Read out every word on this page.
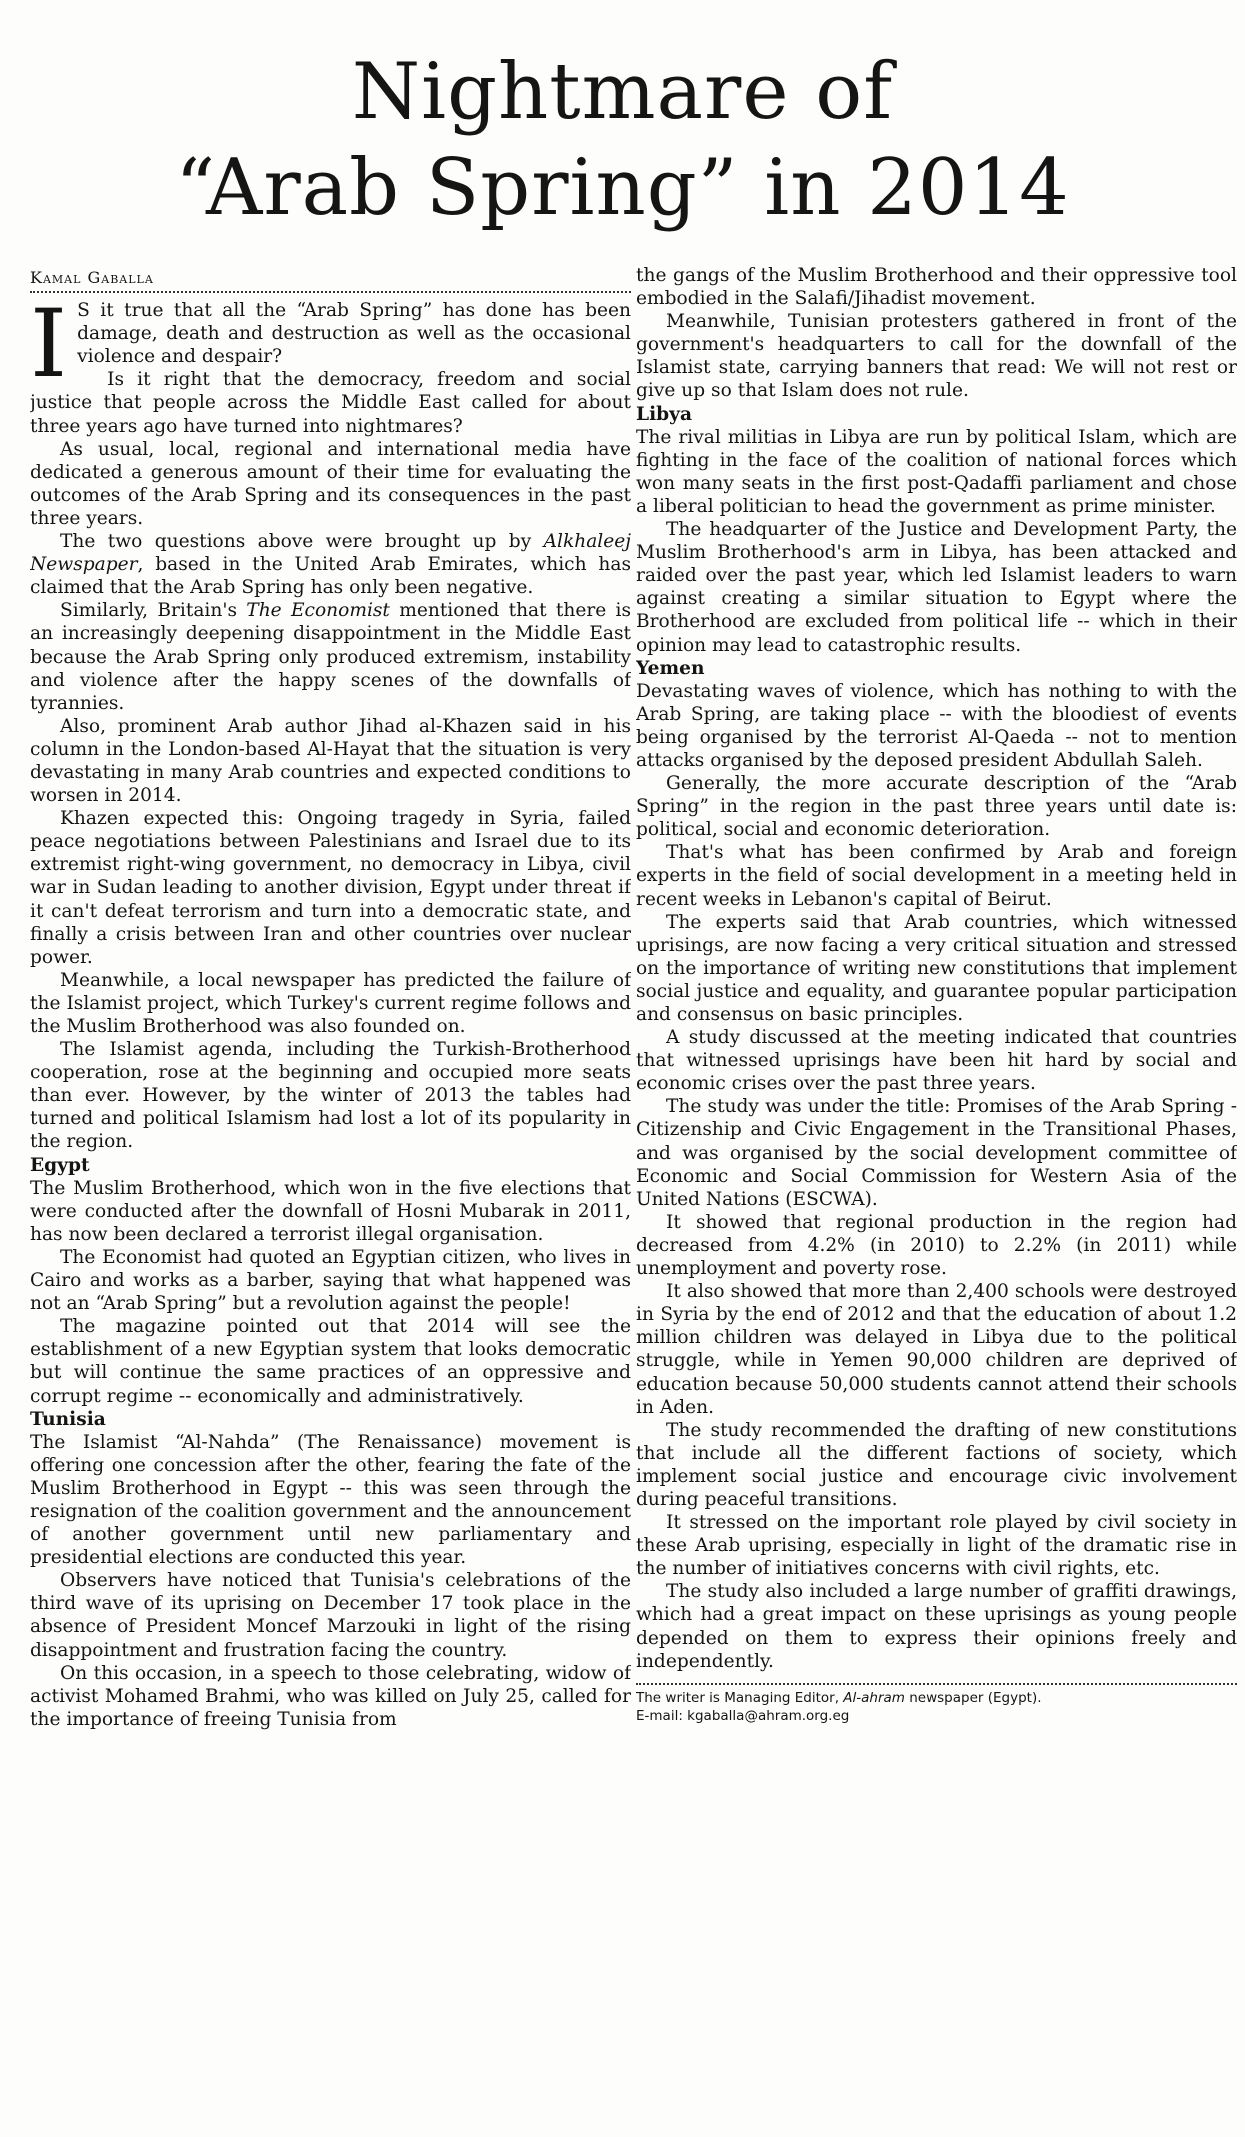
Nightmare of
“Arab Spring” in 2014
Kamal Gaballa

I S it true that all the “Arab Spring” has done has been damage, death and destruction as well as the occasional violence and despair?

Is it right that the democracy, freedom and social justice that people across the Middle East called for about three years ago have turned into nightmares?

As usual, local, regional and international media have dedicated a generous amount of their time for evaluating the outcomes of the Arab Spring and its consequences in the past three years.

The two questions above were brought up by Alkhaleej Newspaper, based in the United Arab Emirates, which has claimed that the Arab Spring has only been negative.

Similarly, Britain's The Economist mentioned that there is an increasingly deepening disappointment in the Middle East because the Arab Spring only produced extremism, instability and violence after the happy scenes of the downfalls of tyrannies.

Also, prominent Arab author Jihad al-Khazen said in his column in the London-based Al-Hayat that the situation is very devastating in many Arab countries and expected conditions to worsen in 2014.

Khazen expected this: Ongoing tragedy in Syria, failed peace negotiations between Palestinians and Israel due to its extremist right-wing government, no democracy in Libya, civil war in Sudan leading to another division, Egypt under threat if it can't defeat terrorism and turn into a democratic state, and finally a crisis between Iran and other countries over nuclear power.

Meanwhile, a local newspaper has predicted the failure of the Islamist project, which Turkey's current regime follows and the Muslim Brotherhood was also founded on.

The Islamist agenda, including the Turkish-Brotherhood cooperation, rose at the beginning and occupied more seats than ever. However, by the winter of 2013 the tables had turned and political Islamism had lost a lot of its popularity in the region.

Egypt

The Muslim Brotherhood, which won in the five elections that were conducted after the downfall of Hosni Mubarak in 2011, has now been declared a terrorist illegal organisation.

The Economist had quoted an Egyptian citizen, who lives in Cairo and works as a barber, saying that what happened was not an “Arab Spring” but a revolution against the people!

The magazine pointed out that 2014 will see the establishment of a new Egyptian system that looks democratic but will continue the same practices of an oppressive and corrupt regime -- economically and administratively.

Tunisia

The Islamist “Al-Nahda” (The Renaissance) movement is offering one concession after the other, fearing the fate of the Muslim Brotherhood in Egypt -- this was seen through the resignation of the coalition government and the announcement of another government until new parliamentary and presidential elections are conducted this year.

Observers have noticed that Tunisia's celebrations of the third wave of its uprising on December 17 took place in the absence of President Moncef Marzouki in light of the rising disappointment and frustration facing the country.

On this occasion, in a speech to those celebrating, widow of activist Mohamed Brahmi, who was killed on July 25, called for the importance of freeing Tunisia from

the gangs of the Muslim Brotherhood and their oppressive tool embodied in the Salafi/Jihadist movement.

Meanwhile, Tunisian protesters gathered in front of the government's headquarters to call for the downfall of the Islamist state, carrying banners that read: We will not rest or give up so that Islam does not rule.

Libya

The rival militias in Libya are run by political Islam, which are fighting in the face of the coalition of national forces which won many seats in the first post-Qadaffi parliament and chose a liberal politician to head the government as prime minister.

The headquarter of the Justice and Development Party, the Muslim Brotherhood's arm in Libya, has been attacked and raided over the past year, which led Islamist leaders to warn against creating a similar situation to Egypt where the Brotherhood are excluded from political life -- which in their opinion may lead to catastrophic results.

Yemen

Devastating waves of violence, which has nothing to with the Arab Spring, are taking place -- with the bloodiest of events being organised by the terrorist Al-Qaeda -- not to mention attacks organised by the deposed president Abdullah Saleh.

Generally, the more accurate description of the “Arab Spring” in the region in the past three years until date is: political, social and economic deterioration.

That's what has been confirmed by Arab and foreign experts in the field of social development in a meeting held in recent weeks in Lebanon's capital of Beirut.

The experts said that Arab countries, which witnessed uprisings, are now facing a very critical situation and stressed on the importance of writing new constitutions that implement social justice and equality, and guarantee popular participation and consensus on basic principles.

A study discussed at the meeting indicated that countries that witnessed uprisings have been hit hard by social and economic crises over the past three years.

The study was under the title: Promises of the Arab Spring - Citizenship and Civic Engagement in the Transitional Phases, and was organised by the social development committee of Economic and Social Commission for Western Asia of the United Nations (ESCWA).

It showed that regional production in the region had decreased from 4.2% (in 2010) to 2.2% (in 2011) while unemployment and poverty rose.

It also showed that more than 2,400 schools were destroyed in Syria by the end of 2012 and that the education of about 1.2 million children was delayed in Libya due to the political struggle, while in Yemen 90,000 children are deprived of education because 50,000 students cannot attend their schools in Aden.

The study recommended the drafting of new constitutions that include all the different factions of society, which implement social justice and encourage civic involvement during peaceful transitions.

It stressed on the important role played by civil society in these Arab uprising, especially in light of the dramatic rise in the number of initiatives concerns with civil rights, etc.

The study also included a large number of graffiti drawings, which had a great impact on these uprisings as young people depended on them to express their opinions freely and independently.

The writer is Managing Editor, Al-ahram newspaper (Egypt).
E-mail: kgaballa@ahram.org.eg
